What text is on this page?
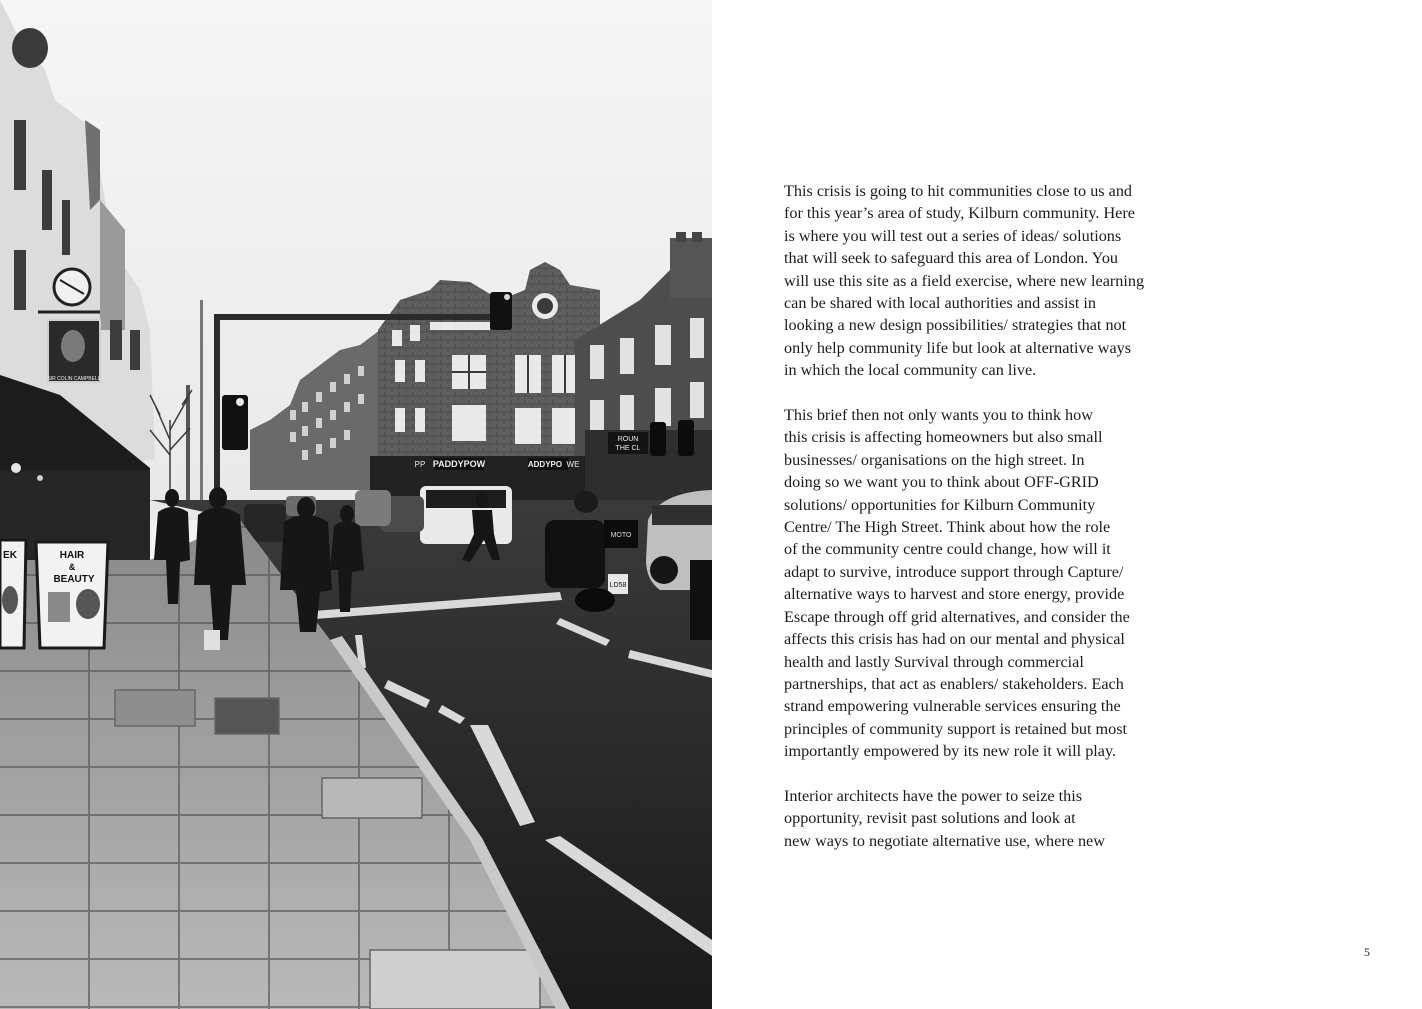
SIR COLIN CAMPBELL
PADDYPOW
PP	ADDYPO WE
ROUN
THE CL
MOTO
LD58
HAIR
&
BEAUTY
EK

This crisis is going to hit communities close to us and
for this year’s area of study, Kilburn community. Here
is where you will test out a series of ideas/ solutions
that will seek to safeguard this area of London. You
will use this site as a field exercise, where new learning
can be shared with local authorities and assist in
looking a new design possibilities/ strategies that not
only help community life but look at alternative ways
in which the local community can live.

This brief then not only wants you to think how
this crisis is affecting homeowners but also small
businesses/ organisations on the high street. In
doing so we want you to think about OFF-GRID
solutions/ opportunities for Kilburn Community
Centre/ The High Street. Think about how the role
of the community centre could change, how will it
adapt to survive, introduce support through Capture/
alternative ways to harvest and store energy, provide
Escape through off grid alternatives, and consider the
affects this crisis has had on our mental and physical
health and lastly Survival through commercial
partnerships, that act as enablers/ stakeholders. Each
strand empowering vulnerable services ensuring the
principles of community support is retained but most
importantly empowered by its new role it will play.

Interior architects have the power to seize this
opportunity, revisit past solutions and look at
new ways to negotiate alternative use, where new

5
